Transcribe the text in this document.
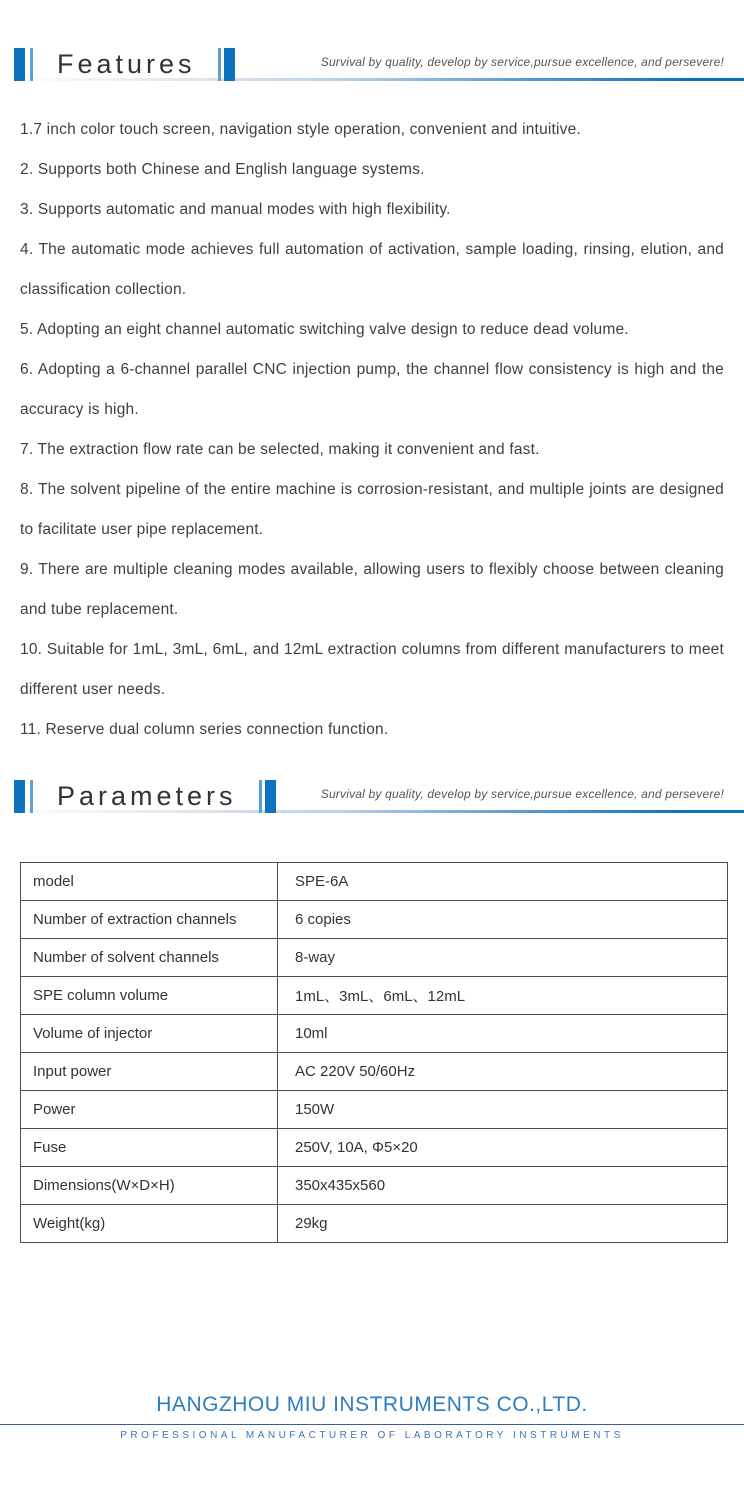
Features	Survival by quality, develop by service,pursue excellence, and persevere!

1.7 inch color touch screen, navigation style operation, convenient and intuitive.

2. Supports both Chinese and English language systems.

3. Supports automatic and manual modes with high flexibility.

4. The automatic mode achieves full automation of activation, sample loading, rinsing, elution, and classification collection.

5. Adopting an eight channel automatic switching valve design to reduce dead volume.

6. Adopting a 6-channel parallel CNC injection pump, the channel flow consistency is high and the accuracy is high.

7. The extraction flow rate can be selected, making it convenient and fast.

8. The solvent pipeline of the entire machine is corrosion-resistant, and multiple joints are designed to facilitate user pipe replacement.

9. There are multiple cleaning modes available, allowing users to flexibly choose between cleaning and tube replacement.

10. Suitable for 1mL, 3mL, 6mL, and 12mL extraction columns from different manufacturers to meet different user needs.

11. Reserve dual column series connection function.

Parameters	Survival by quality, develop by service,pursue excellence, and persevere!
model	SPE-6A
Number of extraction channels	6 copies
Number of solvent channels	8-way
SPE column volume	1mL、3mL、6mL、12mL
Volume of injector	10ml
Input power	AC 220V 50/60Hz
Power	150W
Fuse	250V, 10A, Φ5×20
Dimensions(W×D×H)	350x435x560
Weight(kg)	29kg
HANGZHOU MIU INSTRUMENTS CO.,LTD.
PROFESSIONAL MANUFACTURER OF LABORATORY INSTRUMENTS
